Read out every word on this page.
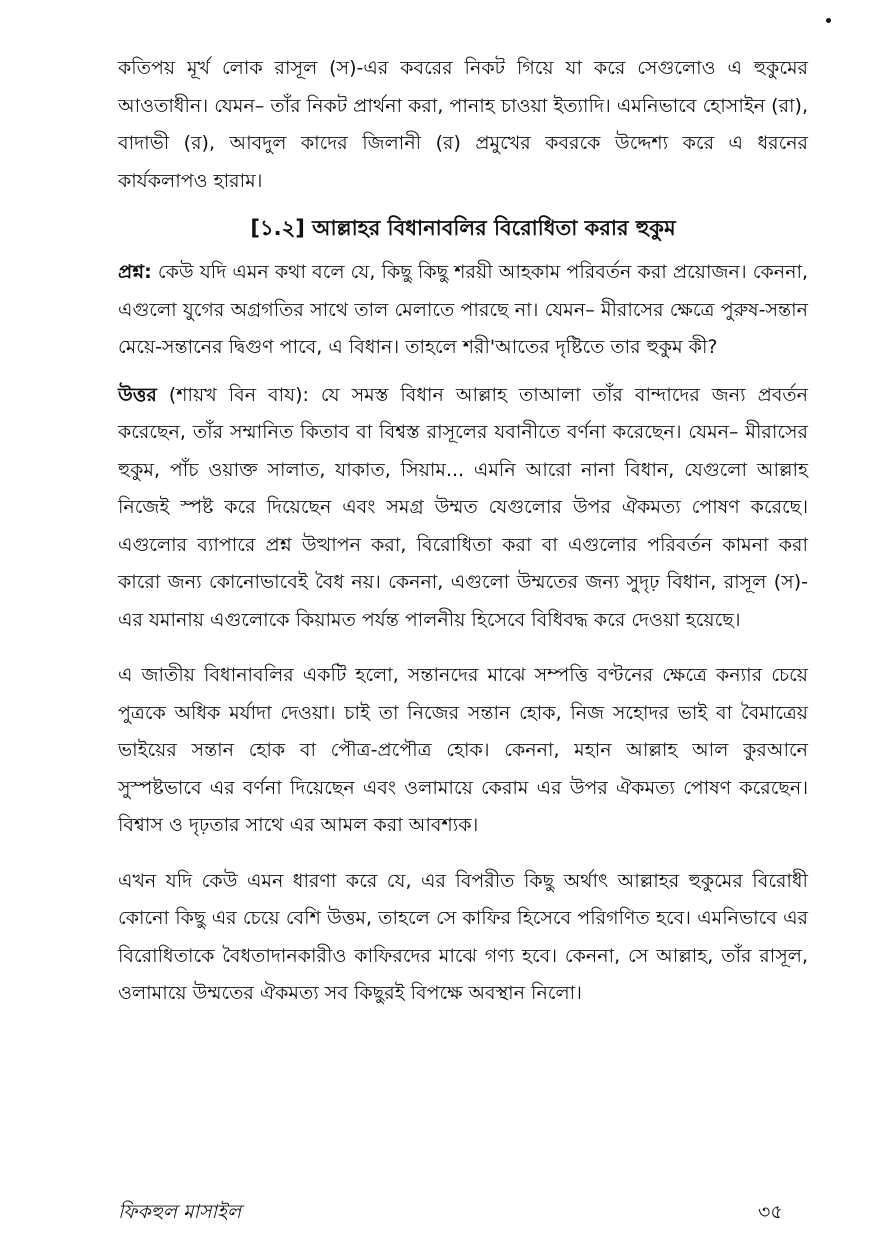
কতিপয় মূর্খ লোক রাসূল (স)-এর কবরের নিকট গিয়ে যা করে সেগুলোও এ হুকুমের আওতাধীন। যেমন– তাঁর নিকট প্রার্থনা করা, পানাহ চাওয়া ইত্যাদি। এমনিভাবে হোসাইন (রা), বাদাভী (র), আবদুল কাদের জিলানী (র) প্রমুখের কবরকে উদ্দেশ্য করে এ ধরনের কার্যকলাপও হারাম।

[১.২] আল্লাহর বিধানাবলির বিরোধিতা করার হুকুম

প্রশ্ন: কেউ যদি এমন কথা বলে যে, কিছু কিছু শরয়ী আহকাম পরিবর্তন করা প্রয়োজন। কেননা, এগুলো যুগের অগ্রগতির সাথে তাল মেলাতে পারছে না। যেমন– মীরাসের ক্ষেত্রে পুরুষ-সন্তান মেয়ে-সন্তানের দ্বিগুণ পাবে, এ বিধান। তাহলে শরী'আতের দৃষ্টিতে তার হুকুম কী?

উত্তর (শায়খ বিন বায): যে সমস্ত বিধান আল্লাহ তাআলা তাঁর বান্দাদের জন্য প্রবর্তন করেছেন, তাঁর সম্মানিত কিতাব বা বিশ্বস্ত রাসূলের যবানীতে বর্ণনা করেছেন। যেমন– মীরাসের হুকুম, পাঁচ ওয়াক্ত সালাত, যাকাত, সিয়াম... এমনি আরো নানা বিধান, যেগুলো আল্লাহ নিজেই স্পষ্ট করে দিয়েছেন এবং সমগ্র উম্মত যেগুলোর উপর ঐকমত্য পোষণ করেছে। এগুলোর ব্যাপারে প্রশ্ন উত্থাপন করা, বিরোধিতা করা বা এগুলোর পরিবর্তন কামনা করা কারো জন্য কোনোভাবেই বৈধ নয়। কেননা, এগুলো উম্মতের জন্য সুদৃঢ় বিধান, রাসূল (স)-এর যমানায় এগুলোকে কিয়ামত পর্যন্ত পালনীয় হিসেবে বিধিবদ্ধ করে দেওয়া হয়েছে।

এ জাতীয় বিধানাবলির একটি হলো, সন্তানদের মাঝে সম্পত্তি বণ্টনের ক্ষেত্রে কন্যার চেয়ে পুত্রকে অধিক মর্যাদা দেওয়া। চাই তা নিজের সন্তান হোক, নিজ সহোদর ভাই বা বৈমাত্রেয় ভাইয়ের সন্তান হোক বা পৌত্র-প্রপৌত্র হোক। কেননা, মহান আল্লাহ আল কুরআনে সুস্পষ্টভাবে এর বর্ণনা দিয়েছেন এবং ওলামায়ে কেরাম এর উপর ঐকমত্য পোষণ করেছেন। বিশ্বাস ও দৃঢ়তার সাথে এর আমল করা আবশ্যক।

এখন যদি কেউ এমন ধারণা করে যে, এর বিপরীত কিছু অর্থাৎ আল্লাহর হুকুমের বিরোধী কোনো কিছু এর চেয়ে বেশি উত্তম, তাহলে সে কাফির হিসেবে পরিগণিত হবে। এমনিভাবে এর বিরোধিতাকে বৈধতাদানকারীও কাফিরদের মাঝে গণ্য হবে। কেননা, সে আল্লাহ, তাঁর রাসূল, ওলামায়ে উম্মতের ঐকমত্য সব কিছুরই বিপক্ষে অবস্থান নিলো।

ফিকহুল মাসাইল	৩৫
